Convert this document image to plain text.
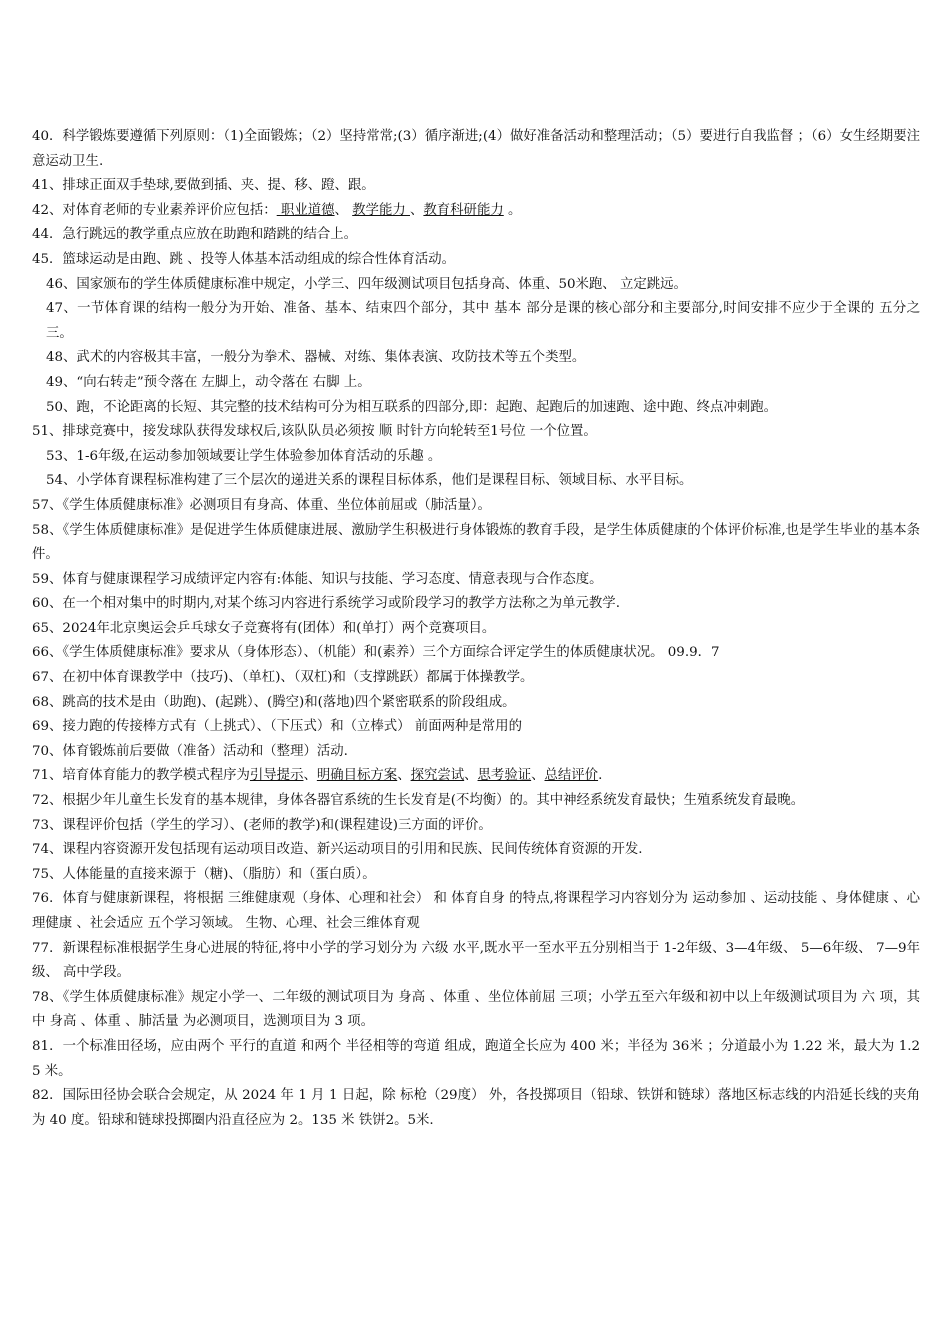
40．科学锻炼要遵循下列原则：（1)全面锻炼；（2）坚持常常;(3）循序渐进;(4）做好准备活动和整理活动；（5）要进行自我监督 ；（6）女生经期要注意运动卫生.

41、排球正面双手垫球,要做到插、夹、提、移、蹬、跟。

42、对体育老师的专业素养评价应包括： 职业道德、 教学能力 、教育科研能力 。

44．急行跳远的教学重点应放在助跑和踏跳的结合上。

45．篮球运动是由跑、跳 、投等人体基本活动组成的综合性体育活动。

46、国家颁布的学生体质健康标准中规定，小学三、四年级测试项目包括身高、体重、50米跑、 立定跳远。

47、一节体育课的结构一般分为开始、准备、基本、结束四个部分，其中 基本 部分是课的核心部分和主要部分,时间安排不应少于全课的 五分之三。

48、武术的内容极其丰富，一般分为拳术、器械、对练、集体表演、攻防技术等五个类型。

49、“向右转走”预令落在 左脚上，动令落在 右脚 上。

50、跑，不论距离的长短、其完整的技术结构可分为相互联系的四部分,即：起跑、起跑后的加速跑、途中跑、终点冲刺跑。

51、排球竞赛中，接发球队获得发球权后,该队队员必须按 顺 时针方向轮转至1号位 一个位置。

53、1-6年级,在运动参加领域要让学生体验参加体育活动的乐趣 。

54、小学体育课程标准构建了三个层次的递进关系的课程目标体系，他们是课程目标、领域目标、水平目标。

57、《学生体质健康标准》必测项目有身高、体重、坐位体前屈或（肺活量）。

58、《学生体质健康标准》是促进学生体质健康进展、激励学生积极进行身体锻炼的教育手段，是学生体质健康的个体评价标准,也是学生毕业的基本条件。

59、体育与健康课程学习成绩评定内容有:体能、知识与技能、学习态度、情意表现与合作态度。

60、在一个相对集中的时期内,对某个练习内容进行系统学习或阶段学习的教学方法称之为单元教学.

65、2024年北京奥运会乒乓球女子竞赛将有(团体）和(单打）两个竞赛项目。

66、《学生体质健康标准》要求从（身体形态）、（机能）和(素养）三个方面综合评定学生的体质健康状况。 09.9．7

67、在初中体育课教学中（技巧)、（单杠)、（双杠)和（支撑跳跃）都属于体操教学。

68、跳高的技术是由（助跑)、(起跳）、(腾空)和(落地)四个紧密联系的阶段组成。

69、接力跑的传接棒方式有（上挑式）、（下压式）和（立棒式） 前面两种是常用的

70、体育锻炼前后要做（准备）活动和（整理）活动.

71、培育体育能力的教学模式程序为引导提示、明确目标方案、探究尝试、思考验证、总结评价.

72、根据少年儿童生长发育的基本规律，身体各器官系统的生长发育是(不均衡）的。其中神经系统发育最快；生殖系统发育最晚。

73、课程评价包括（学生的学习）、(老师的教学)和(课程建设)三方面的评价。

74、课程内容资源开发包括现有运动项目改造、新兴运动项目的引用和民族、民间传统体育资源的开发.

75、人体能量的直接来源于（糖)、（脂肪）和（蛋白质）。

76．体育与健康新课程，将根据 三维健康观（身体、心理和社会） 和 体育自身 的特点,将课程学习内容划分为 运动参加 、运动技能 、身体健康 、心理健康 、社会适应 五个学习领域。 生物、心理、社会三维体育观

77．新课程标准根据学生身心进展的特征,将中小学的学习划分为 六级 水平,既水平一至水平五分别相当于 1-2年级、3—4年级、 5—6年级、 7—9年级、 高中学段。

78、《学生体质健康标准》规定小学一、二年级的测试项目为 身高 、体重 、坐位体前屈 三项；小学五至六年级和初中以上年级测试项目为 六 项，其中 身高 、体重 、肺活量 为必测项目，选测项目为 3 项。

81．一个标准田径场，应由两个 平行的直道 和两个 半径相等的弯道 组成，跑道全长应为 400 米；半径为 36米 ；分道最小为 1.22 米，最大为 1.25 米。

82．国际田径协会联合会规定，从 2024 年 1 月 1 日起，除 标枪（29度） 外，各投掷项目（铅球、铁饼和链球）落地区标志线的内沿延长线的夹角为 40 度。铅球和链球投掷圈内沿直径应为 2。135 米 铁饼2。5米.
